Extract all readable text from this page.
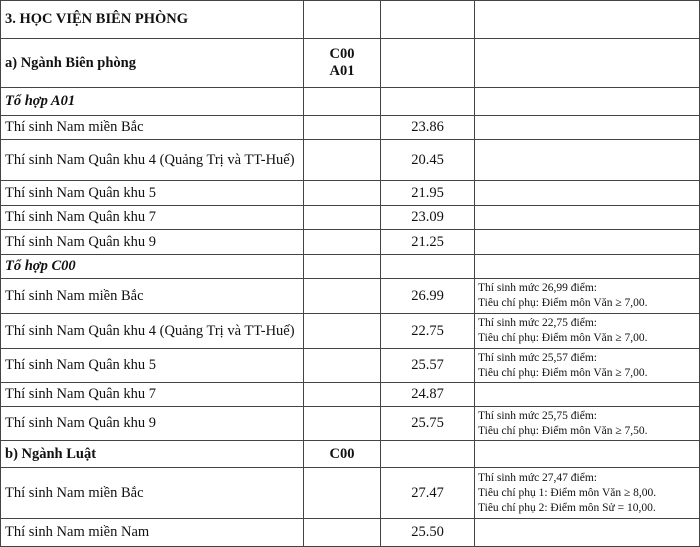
3. HỌC VIỆN BIÊN PHÒNG			
a) Ngành Biên phòng	C00
A01		
Tổ hợp A01			
Thí sinh Nam miền Bắc		23.86	
Thí sinh Nam Quân khu 4 (Quảng Trị và TT-Huế)		20.45	
Thí sinh Nam Quân khu 5		21.95	
Thí sinh Nam Quân khu 7		23.09	
Thí sinh Nam Quân khu 9		21.25	
Tổ hợp C00			
Thí sinh Nam miền Bắc		26.99	Thí sinh mức 26,99 điểm:
Tiêu chí phụ: Điểm môn Văn ≥ 7,00.

Thí sinh Nam Quân khu 4 (Quảng Trị và TT-Huế)		22.75	Thí sinh mức 22,75 điểm:
Tiêu chí phụ: Điểm môn Văn ≥ 7,00.

Thí sinh Nam Quân khu 5		25.57	Thí sinh mức 25,57 điểm:
Tiêu chí phụ: Điểm môn Văn ≥ 7,00.

Thí sinh Nam Quân khu 7		24.87	
Thí sinh Nam Quân khu 9		25.75	Thí sinh mức 25,75 điểm:
Tiêu chí phụ: Điểm môn Văn ≥ 7,50.

b) Ngành Luật	C00		
Thí sinh Nam miền Bắc		27.47	Thí sinh mức 27,47 điểm:
Tiêu chí phụ 1: Điểm môn Văn ≥ 8,00.
Tiêu chí phụ 2: Điểm môn Sử = 10,00.

Thí sinh Nam miền Nam		25.50	
